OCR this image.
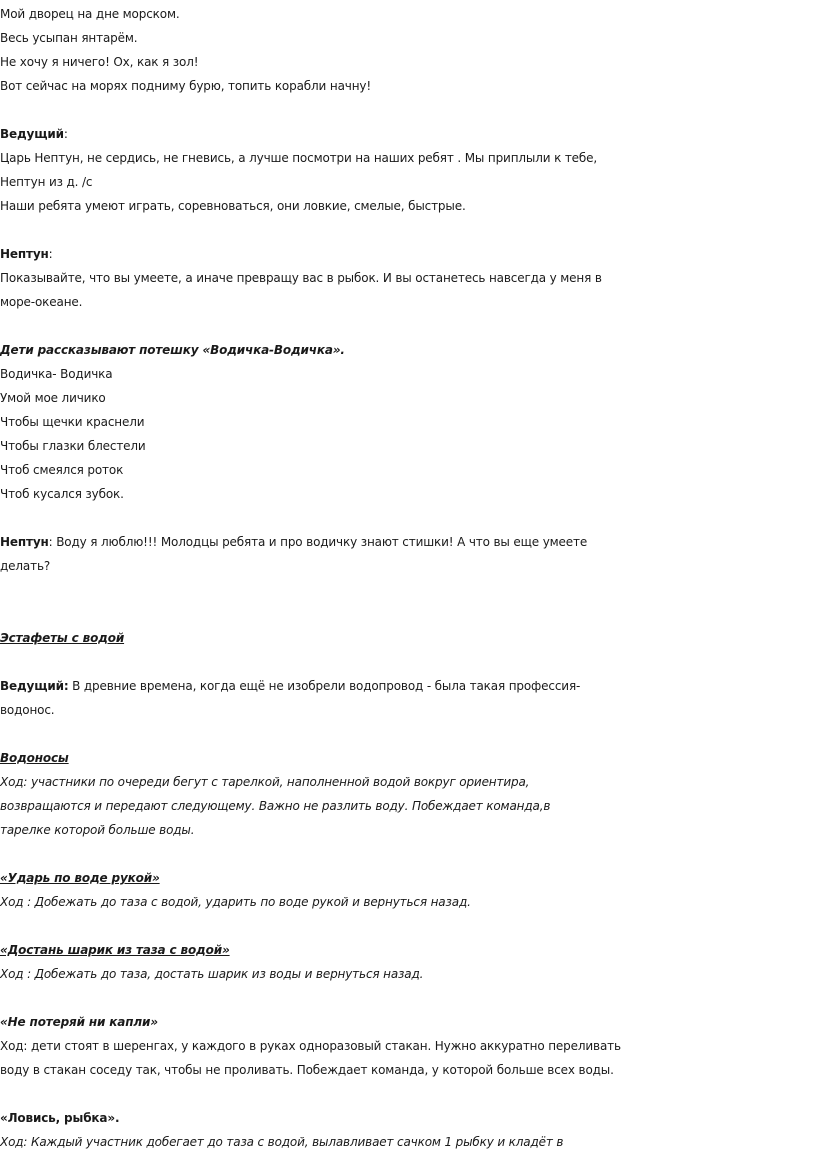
Мой дворец на дне морском.
Весь усыпан янтарём.
Не хочу я ничего! Ох, как я зол!
Вот сейчас на морях подниму бурю, топить корабли начну!
Ведущий:
Царь Нептун, не сердись, не гневись, а лучше посмотри на наших ребят . Мы приплыли к тебе,
Нептун из д. /с
Наши ребята умеют играть, соревноваться, они ловкие, смелые, быстрые.
Нептун:
Показывайте, что вы умеете, а иначе превращу вас в рыбок. И вы останетесь навсегда у меня в
море-океане.
Дети рассказывают потешку «Водичка-Водичка».
Водичка- Водичка
Умой мое личико
Чтобы щечки краснели
Чтобы глазки блестели
Чтоб смеялся роток
Чтоб кусался зубок.
Нептун: Воду я люблю!!! Молодцы ребята и про водичку знают стишки! А что вы еще умеете
делать?
Эстафеты с водой
Ведущий: В древние времена, когда ещё не изобрели водопровод - была такая профессия-
водонос.
Водоносы
Ход: участники по очереди бегут с тарелкой, наполненной водой вокруг ориентира,
возвращаются и передают следующему. Важно не разлить воду. Побеждает команда,в
тарелке которой больше воды.
«Ударь по воде рукой»
Ход : Добежать до таза с водой, ударить по воде рукой и вернуться назад.
«Достань шарик из таза с водой»
Ход : Добежать до таза, достать шарик из воды и вернуться назад.
«Не потеряй ни капли»
Ход: дети стоят в шеренгах, у каждого в руках одноразовый стакан. Нужно аккуратно переливать
воду в стакан соседу так, чтобы не проливать. Побеждает команда, у которой больше всех воды.
«Ловись, рыбка».
Ход: Каждый участник добегает до таза с водой, вылавливает сачком 1 рыбку и кладёт в
